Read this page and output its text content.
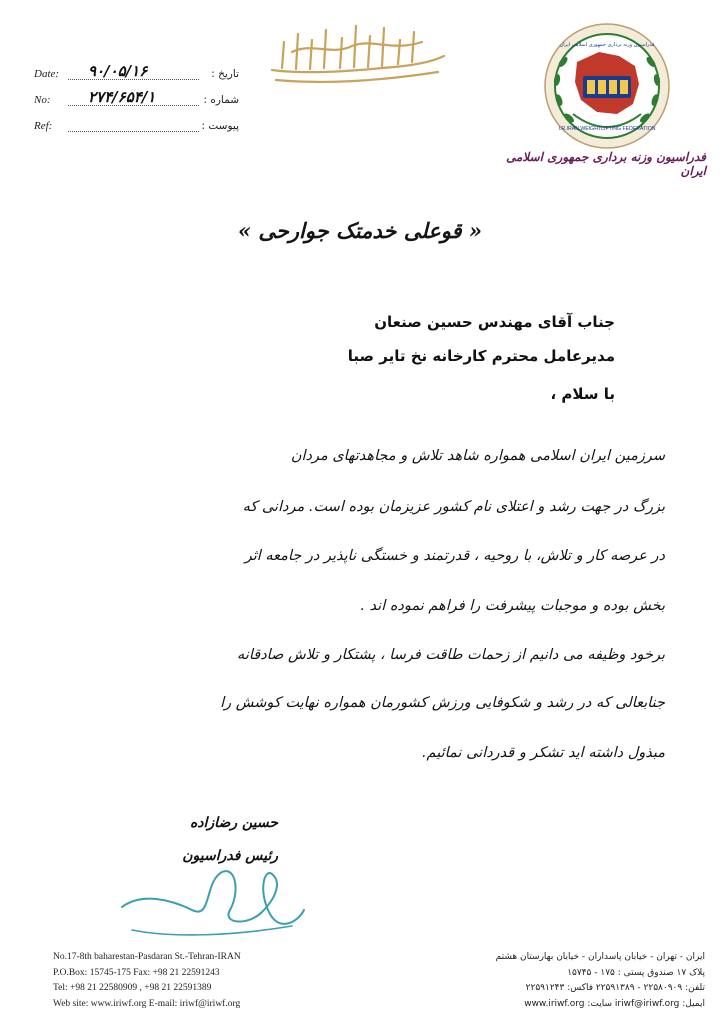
Date: ۹۰/۰۵/۱۶	تاریخ :
No:	۲۷۴/۶۵۴/۱	شماره :
Ref:	پیوست :	I.R.IRAN WEIGHTLIFTING FEDERATION
فدراسیون وزنه برداری جمهوری اسلامی ایران
فدراسیون وزنه برداری جمهوری اسلامی ایران
« قوعلی خدمتک جوارحی »
جناب آقای مهندس حسین صنعان
مدیرعامل محترم کارخانه نخ تایر صبا
با سلام ،
سرزمین ایران اسلامی همواره شاهد تلاش و مجاهدتهای مردان
بزرگ در جهت رشد و اعتلای نام کشور عزیزمان بوده است. مردانی که
در عرصه کار و تلاش، با روحیه ، قدرتمند و خستگی ناپذیر در جامعه اثر
بخش بوده و موجبات پیشرفت را فراهم نموده اند .
برخود وظیفه می دانیم از زحمات طاقت فرسا ، پشتکار و تلاش صادقانه
جنابعالی که در رشد و شکوفایی ورزش کشورمان همواره نهایت کوشش را
مبذول داشته اید تشکر و قدردانی نمائیم.
حسین رضازاده
رئیس فدراسیون
No.17-8th baharestan-Pasdaran St.-Tehran-IRAN
P.O.Box: 15745-175 Fax: +98 21 22591243
Tel: +98 21 22580909 , +98 21 22591389
Web site: www.iriwf.org E-mail: iriwf@iriwf.org
ایران - تهران - خیابان پاسداران - خیابان بهارستان هشتم
پلاک ۱۷ صندوق پستی : ۱۷۵ - ۱۵۷۴۵
تلفن: ۲۲۵۸۰۹۰۹ - ۲۲۵۹۱۳۸۹ فاکس: ۲۲۵۹۱۲۴۳
ایمیل: iriwf@iriwf.org سایت: www.iriwf.org
